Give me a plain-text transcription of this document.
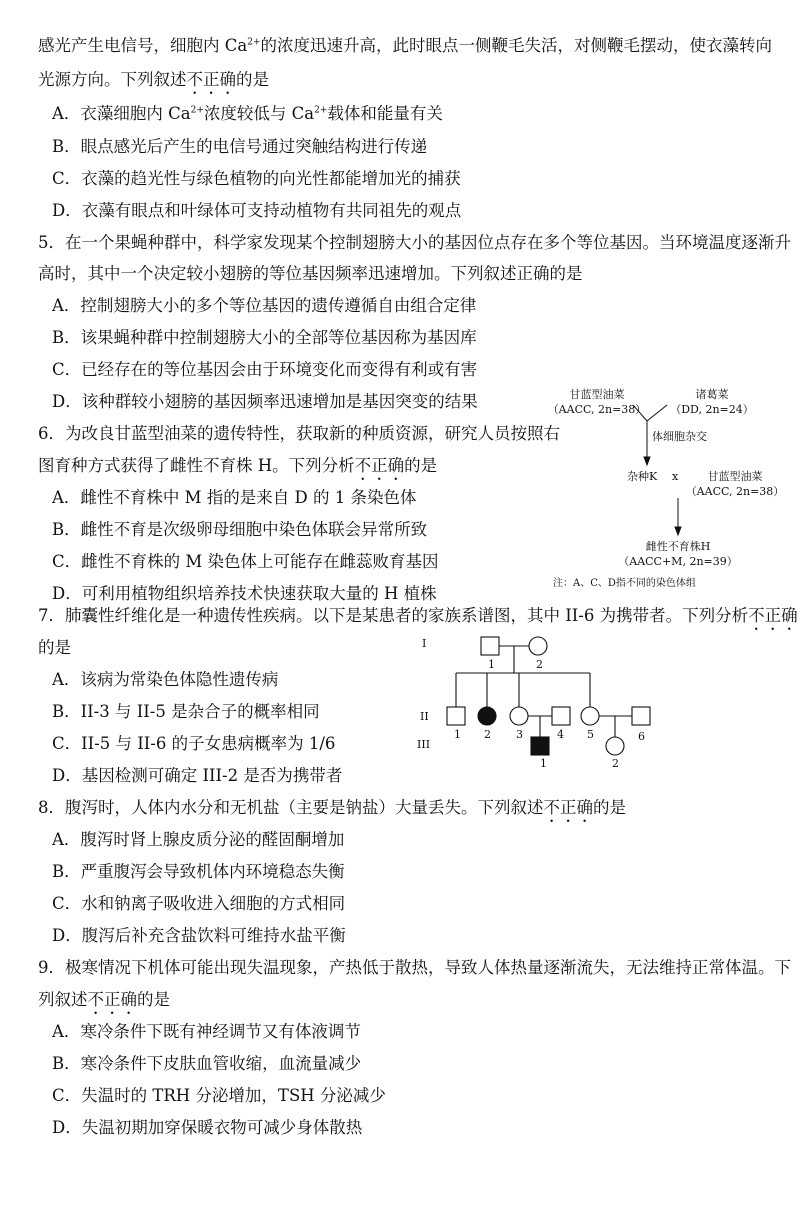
感光产生电信号，细胞内 $Ca^{2+}$的浓度迅速升高，此时眼点一侧鞭毛失活，对侧鞭毛摆动，使衣藻转向
光源方向。下列叙述不正确的是
A．衣藻细胞内 $Ca^{2+}$浓度较低与 $Ca^{2+}$载体和能量有关
B．眼点感光后产生的电信号通过突触结构进行传递
C．衣藻的趋光性与绿色植物的向光性都能增加光的捕获
D．衣藻有眼点和叶绿体可支持动植物有共同祖先的观点
5．在一个果蝇种群中，科学家发现某个控制翅膀大小的基因位点存在多个等位基因。当环境温度逐渐升
高时，其中一个决定较小翅膀的等位基因频率迅速增加。下列叙述正确的是
A．控制翅膀大小的多个等位基因的遗传遵循自由组合定律
B．该果蝇种群中控制翅膀大小的全部等位基因称为基因库
C．已经存在的等位基因会由于环境变化而变得有利或有害
D．该种群较小翅膀的基因频率迅速增加是基因突变的结果
6．为改良甘蓝型油菜的遗传特性，获取新的种质资源，研究人员按照右
图育种方式获得了雌性不育株 H。下列分析不正确的是
A．雌性不育株中 M 指的是来自 D 的 1 条染色体
B．雌性不育是次级卵母细胞中染色体联会异常所致
C．雌性不育株的 M 染色体上可能存在雌蕊败育基因
D．可利用植物组织培养技术快速获取大量的 H 植株
甘蓝型油菜
（AACC, 2n=38）
诸葛菜
（DD, 2n=24）
体细胞杂交
杂种K x	甘蓝型油菜
（AACC, 2n=38）
雌性不育株H
（AACC+M, 2n=39）
注：A、C、D指不同的染色体组
7．肺囊性纤维化是一种遗传性疾病。以下是某患者的家族系谱图，其中 II-6 为携带者。下列分析不正确
的是
A．该病为常染色体隐性遗传病
B．II-3 与 II-5 是杂合子的概率相同
C．II-5 与 II-6 的子女患病概率为 1/6
D．基因检测可确定 III-2 是否为携带者
I
II
III
1	2
1 2 3	4 5	6
1	2
8．腹泻时，人体内水分和无机盐（主要是钠盐）大量丢失。下列叙述不正确的是
A．腹泻时肾上腺皮质分泌的醛固酮增加
B．严重腹泻会导致机体内环境稳态失衡
C．水和钠离子吸收进入细胞的方式相同
D．腹泻后补充含盐饮料可维持水盐平衡
9．极寒情况下机体可能出现失温现象，产热低于散热，导致人体热量逐渐流失，无法维持正常体温。下
列叙述不正确的是
A．寒冷条件下既有神经调节又有体液调节
B．寒冷条件下皮肤血管收缩，血流量减少
C．失温时的 TRH 分泌增加，TSH 分泌减少
D．失温初期加穿保暖衣物可减少身体散热
